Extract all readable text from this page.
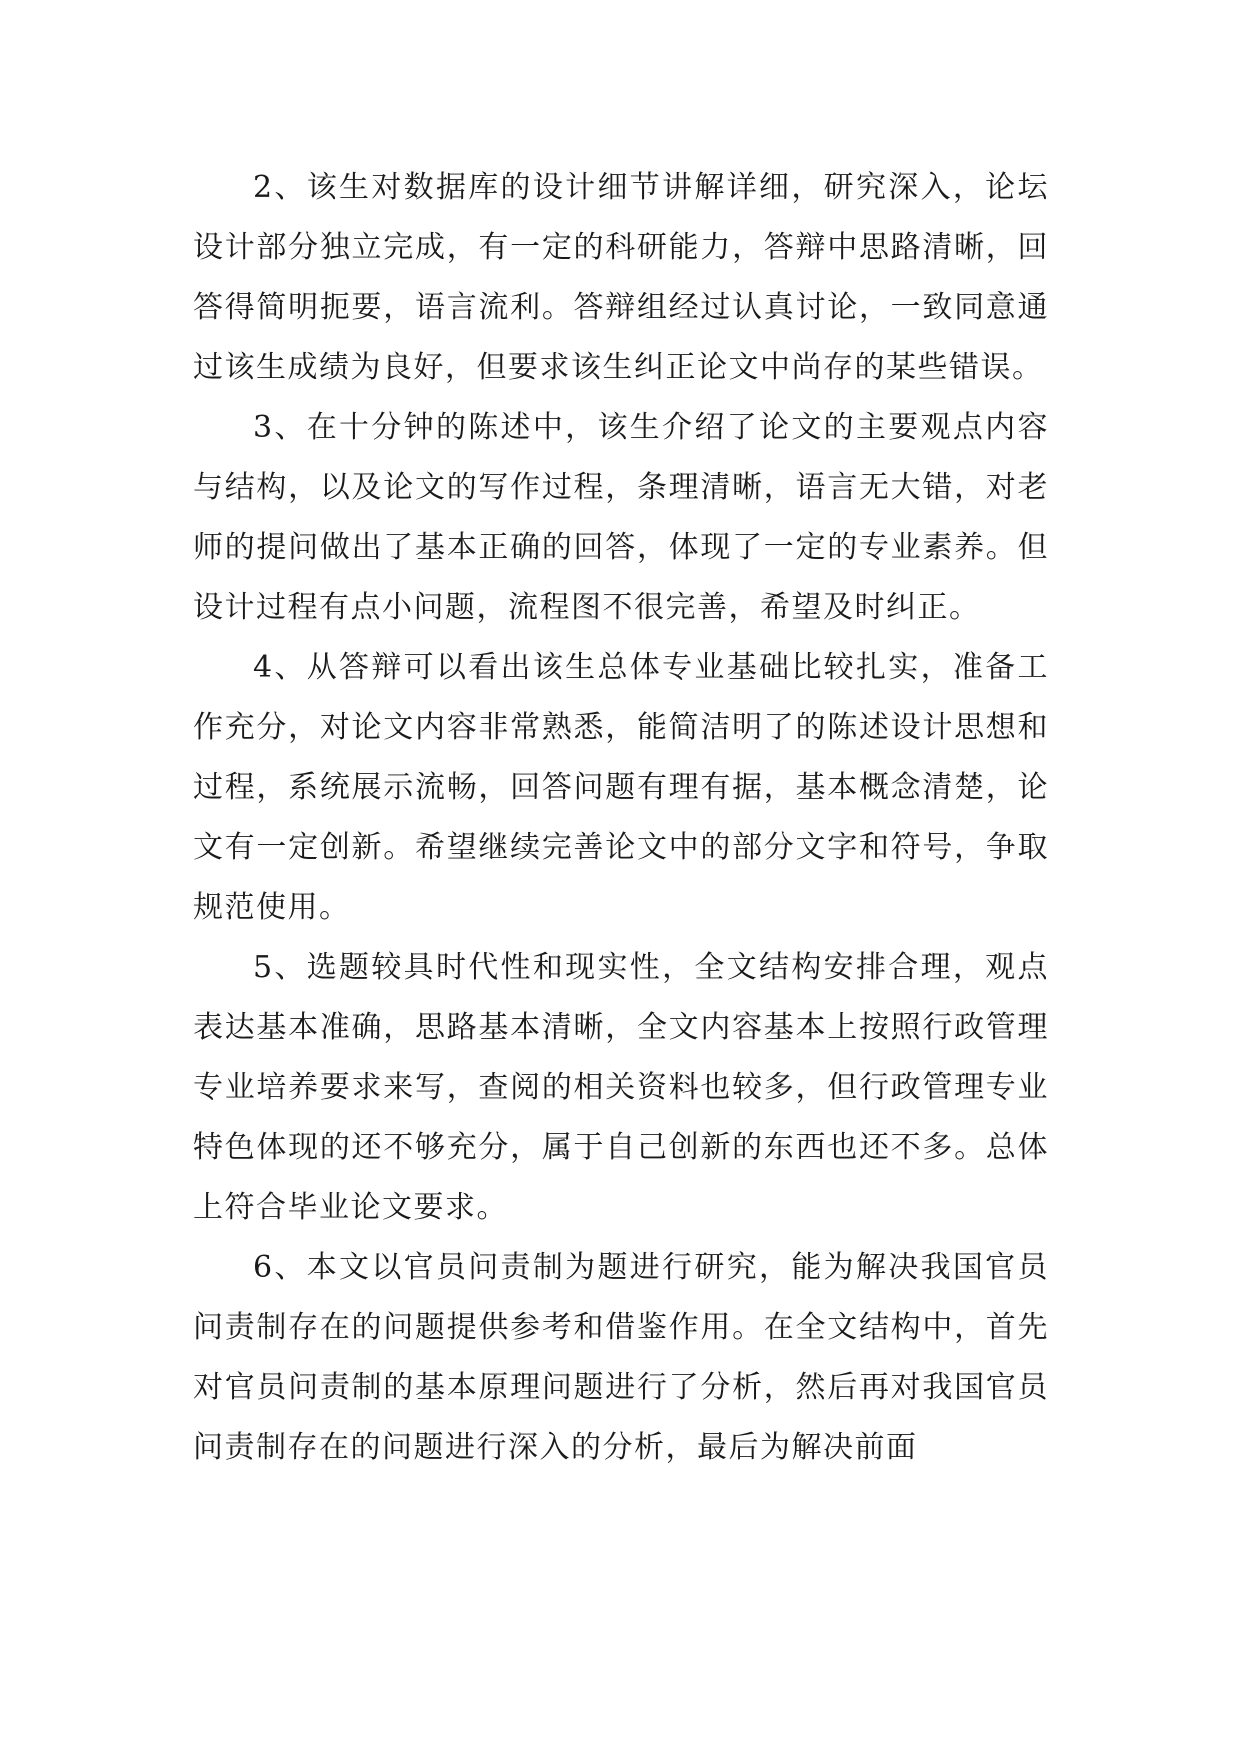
2、该生对数据库的设计细节讲解详细，研究深入，论坛设计部分独立完成，有一定的科研能力，答辩中思路清晰，回答得简明扼要，语言流利。答辩组经过认真讨论，一致同意通过该生成绩为良好，但要求该生纠正论文中尚存的某些错误。

3、在十分钟的陈述中，该生介绍了论文的主要观点内容与结构，以及论文的写作过程，条理清晰，语言无大错，对老师的提问做出了基本正确的回答，体现了一定的专业素养。但设计过程有点小问题，流程图不很完善，希望及时纠正。

4、从答辩可以看出该生总体专业基础比较扎实，准备工作充分，对论文内容非常熟悉，能简洁明了的陈述设计思想和过程，系统展示流畅，回答问题有理有据，基本概念清楚，论文有一定创新。希望继续完善论文中的部分文字和符号，争取规范使用。

5、选题较具时代性和现实性，全文结构安排合理，观点表达基本准确，思路基本清晰，全文内容基本上按照行政管理专业培养要求来写，查阅的相关资料也较多，但行政管理专业特色体现的还不够充分，属于自己创新的东西也还不多。总体上符合毕业论文要求。

6、本文以官员问责制为题进行研究，能为解决我国官员问责制存在的问题提供参考和借鉴作用。在全文结构中，首先对官员问责制的基本原理问题进行了分析，然后再对我国官员问责制存在的问题进行深入的分析，最后为解决前面
